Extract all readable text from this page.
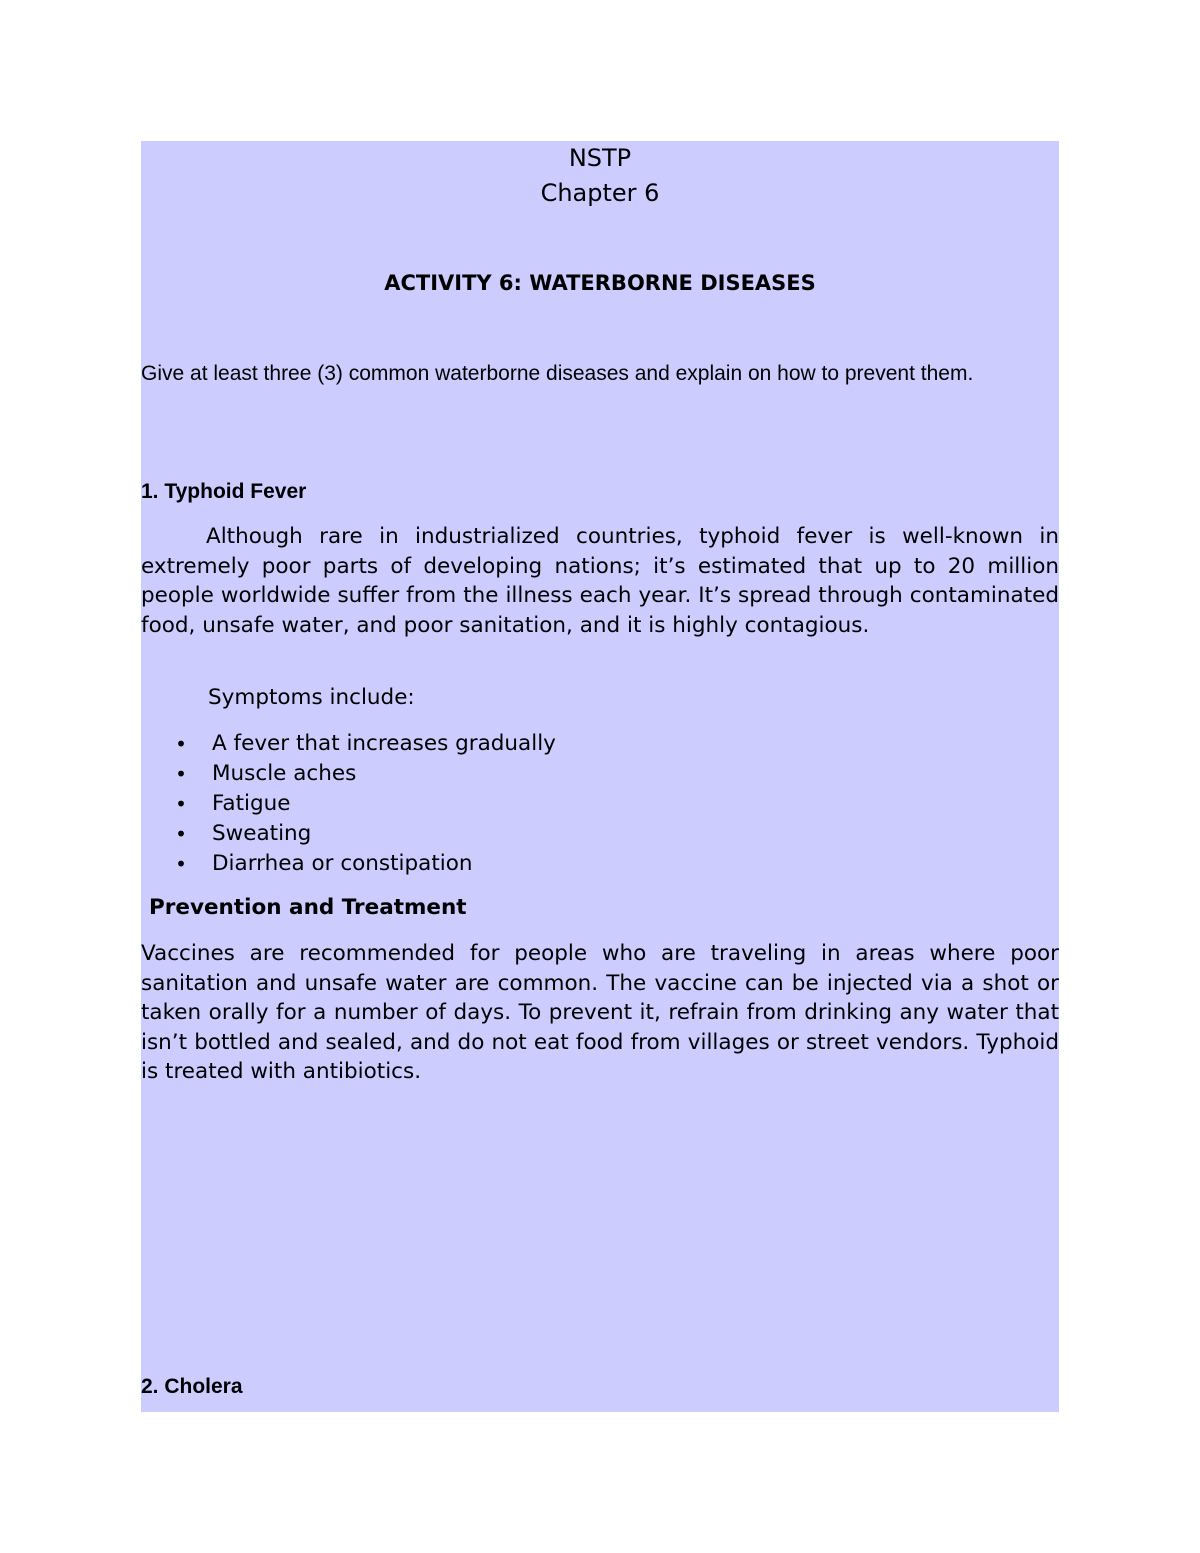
NSTP

Chapter 6

ACTIVITY 6: WATERBORNE DISEASES

Give at least three (3) common waterborne diseases and explain on how to prevent them.

1. Typhoid Fever

Although rare in industrialized countries, typhoid fever is well-known in extremely poor parts of developing nations; it’s estimated that up to 20 million people worldwide suffer from the illness each year. It’s spread through contaminated food, unsafe water, and poor sanitation, and it is highly contagious.

Symptoms include:

• A fever that increases gradually
• Muscle aches
• Fatigue
• Sweating
• Diarrhea or constipation

Prevention and Treatment

Vaccines are recommended for people who are traveling in areas where poor sanitation and unsafe water are common. The vaccine can be injected via a shot or taken orally for a number of days. To prevent it, refrain from drinking any water that isn’t bottled and sealed, and do not eat food from villages or street vendors. Typhoid is treated with antibiotics.

2. Cholera
